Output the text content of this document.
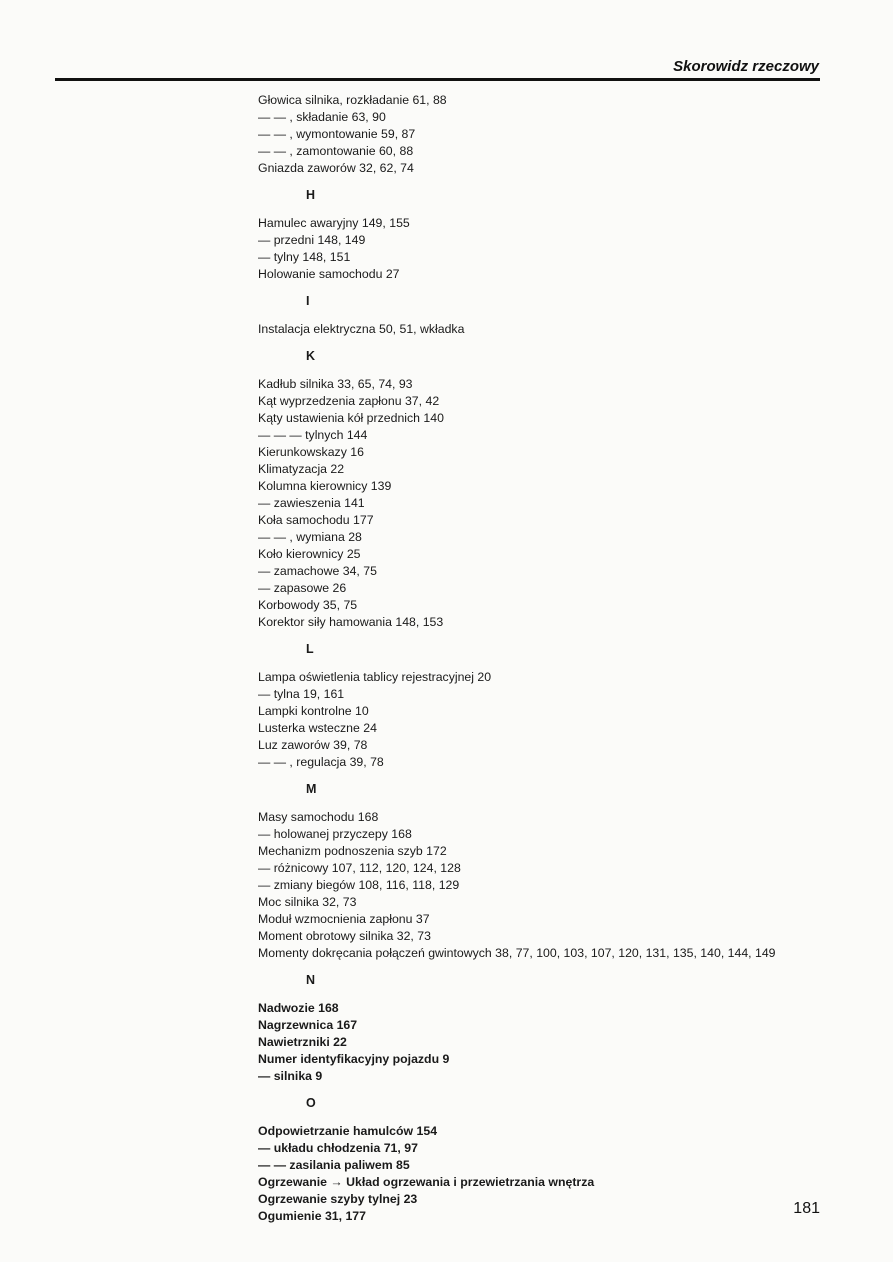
Skorowidz rzeczowy
Głowica silnika, rozkładanie 61, 88
— — , składanie 63, 90
— — , wymontowanie 59, 87
— — , zamontowanie 60, 88
Gniazda zaworów 32, 62, 74
H
Hamulec awaryjny 149, 155
— przedni 148, 149
— tylny 148, 151
Holowanie samochodu 27
I
Instalacja elektryczna 50, 51, wkładka
K
Kadłub silnika 33, 65, 74, 93
Kąt wyprzedzenia zapłonu 37, 42
Kąty ustawienia kół przednich 140
— — — tylnych 144
Kierunkowskazy 16
Klimatyzacja 22
Kolumna kierownicy 139
— zawieszenia 141
Koła samochodu 177
— — , wymiana 28
Koło kierownicy 25
— zamachowe 34, 75
— zapasowe 26
Korbowody 35, 75
Korektor siły hamowania 148, 153
L
Lampa oświetlenia tablicy rejestracyjnej 20
— tylna 19, 161
Lampki kontrolne 10
Lusterka wsteczne 24
Luz zaworów 39, 78
— — , regulacja 39, 78
M
Masy samochodu 168
— holowanej przyczepy 168
Mechanizm podnoszenia szyb 172
— różnicowy 107, 112, 120, 124, 128
— zmiany biegów 108, 116, 118, 129
Moc silnika 32, 73
Moduł wzmocnienia zapłonu 37
Moment obrotowy silnika 32, 73
Momenty dokręcania połączeń gwintowych 38, 77, 100, 103, 107, 120, 131, 135, 140, 144, 149
N
Nadwozie 168
Nagrzewnica 167
Nawietrzniki 22
Numer identyfikacyjny pojazdu 9
— silnika 9
O
Odpowietrzanie hamulców 154
— układu chłodzenia 71, 97
— — zasilania paliwem 85
Ogrzewanie → Układ ogrzewania i przewietrzania wnętrza
Ogrzewanie szyby tylnej 23
Ogumienie 31, 177	181
